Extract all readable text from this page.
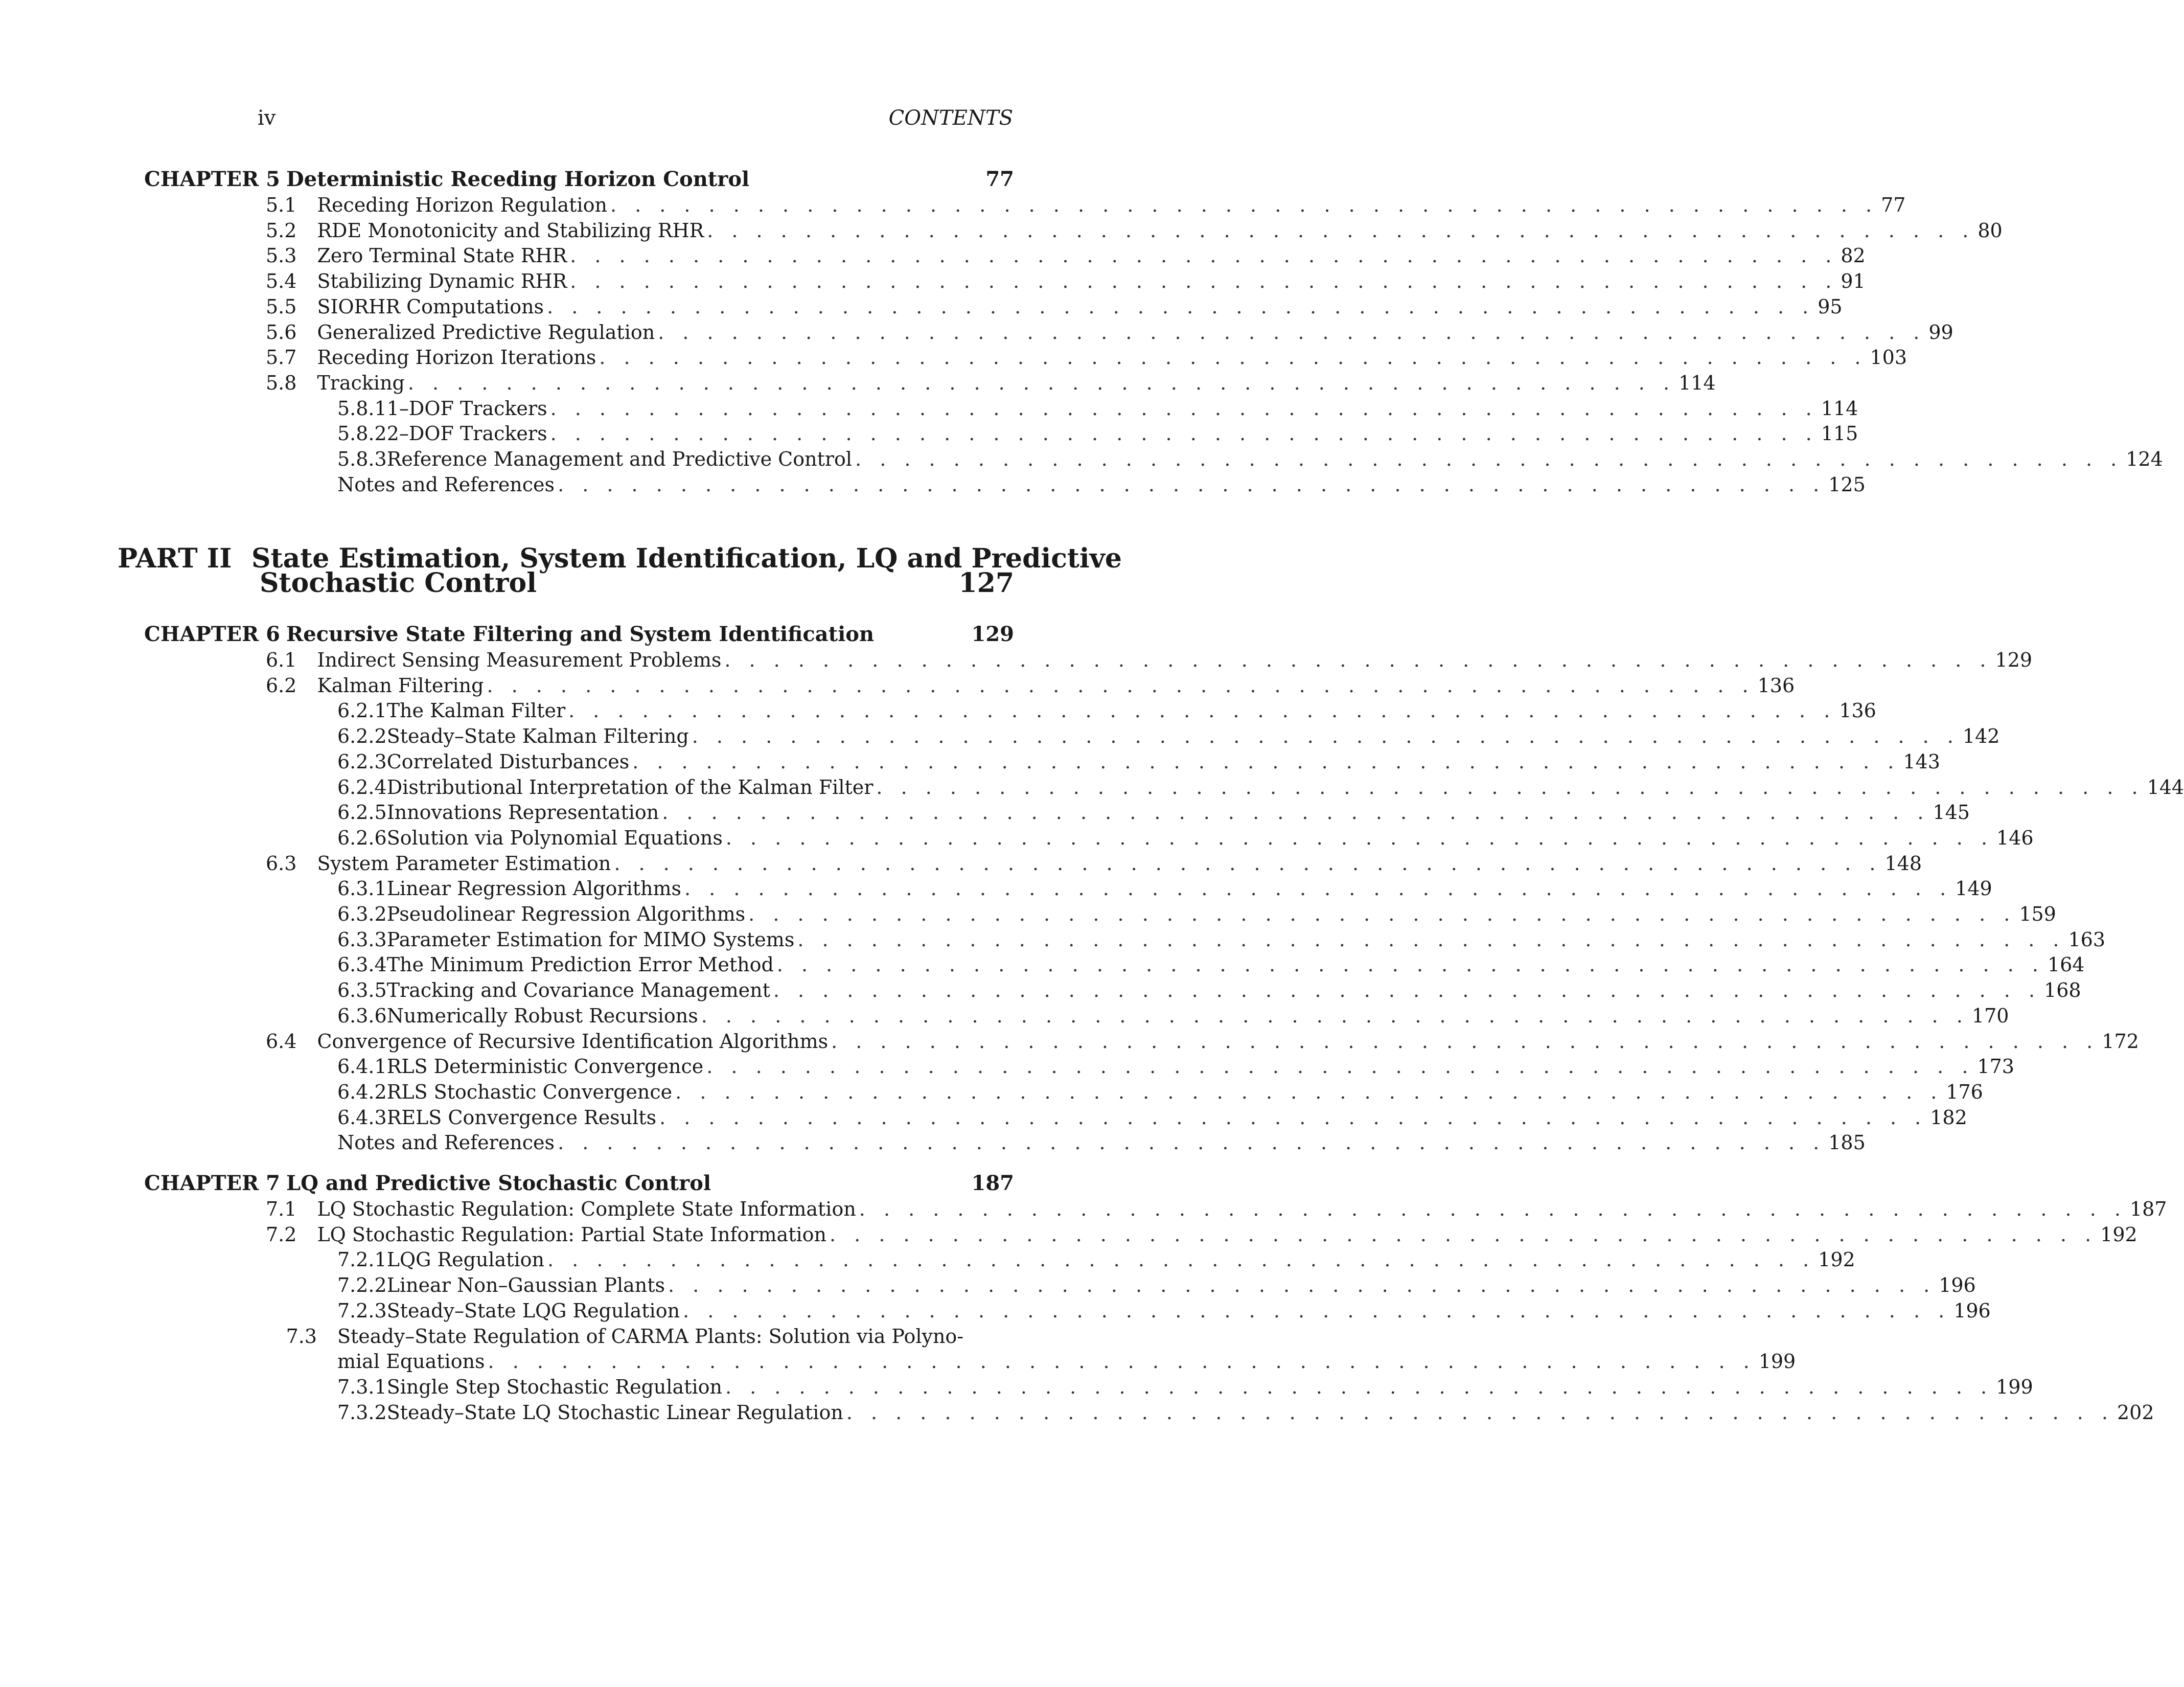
iv	CONTENTS
PART II State Estimation, System Identification, LQ and Predictive
Stochastic Control	127
CHAPTER 5 Deterministic Receding Horizon Control	77
5.1	Receding Horizon Regulation . . . . . . . . . . . . . . . . . . . . . . . . . . . . . . . . . . . . . . . . . . . . . . . . . . . . 77
5.2	RDE Monotonicity and Stabilizing RHR . . . . . . . . . . . . . . . . . . . . . . . . . . . . . . . . . . . . . . . . . . . . . . . . . . . . 80
5.3	Zero Terminal State RHR . . . . . . . . . . . . . . . . . . . . . . . . . . . . . . . . . . . . . . . . . . . . . . . . . . . . 82
5.4	Stabilizing Dynamic RHR . . . . . . . . . . . . . . . . . . . . . . . . . . . . . . . . . . . . . . . . . . . . . . . . . . . . 91
5.5	SIORHR Computations . . . . . . . . . . . . . . . . . . . . . . . . . . . . . . . . . . . . . . . . . . . . . . . . . . . . 95
5.6	Generalized Predictive Regulation . . . . . . . . . . . . . . . . . . . . . . . . . . . . . . . . . . . . . . . . . . . . . . . . . . . . 99
5.7	Receding Horizon Iterations . . . . . . . . . . . . . . . . . . . . . . . . . . . . . . . . . . . . . . . . . . . . . . . . . . . . 103
5.8	Tracking . . . . . . . . . . . . . . . . . . . . . . . . . . . . . . . . . . . . . . . . . . . . . . . . . . . . 114
5.8.1 1–DOF Trackers . . . . . . . . . . . . . . . . . . . . . . . . . . . . . . . . . . . . . . . . . . . . . . . . . . . . 114
5.8.2 2–DOF Trackers . . . . . . . . . . . . . . . . . . . . . . . . . . . . . . . . . . . . . . . . . . . . . . . . . . . . 115
5.8.3 Reference Management and Predictive Control . . . . . . . . . . . . . . . . . . . . . . . . . . . . . . . . . . . . . . . . . . . . . . . . . . . . 124
Notes and References . . . . . . . . . . . . . . . . . . . . . . . . . . . . . . . . . . . . . . . . . . . . . . . . . . . . 125
CHAPTER 6 Recursive State Filtering and System Identification	129
6.1	Indirect Sensing Measurement Problems . . . . . . . . . . . . . . . . . . . . . . . . . . . . . . . . . . . . . . . . . . . . . . . . . . . . 129
6.2	Kalman Filtering . . . . . . . . . . . . . . . . . . . . . . . . . . . . . . . . . . . . . . . . . . . . . . . . . . . . 136
6.2.1 The Kalman Filter . . . . . . . . . . . . . . . . . . . . . . . . . . . . . . . . . . . . . . . . . . . . . . . . . . . . 136
6.2.2 Steady–State Kalman Filtering . . . . . . . . . . . . . . . . . . . . . . . . . . . . . . . . . . . . . . . . . . . . . . . . . . . . 142
6.2.3 Correlated Disturbances . . . . . . . . . . . . . . . . . . . . . . . . . . . . . . . . . . . . . . . . . . . . . . . . . . . . 143
6.2.4 Distributional Interpretation of the Kalman Filter . . . . . . . . . . . . . . . . . . . . . . . . . . . . . . . . . . . . . . . . . . . . . . . . . . . . 144
6.2.5 Innovations Representation . . . . . . . . . . . . . . . . . . . . . . . . . . . . . . . . . . . . . . . . . . . . . . . . . . . . 145
6.2.6 Solution via Polynomial Equations . . . . . . . . . . . . . . . . . . . . . . . . . . . . . . . . . . . . . . . . . . . . . . . . . . . . 146
6.3	System Parameter Estimation . . . . . . . . . . . . . . . . . . . . . . . . . . . . . . . . . . . . . . . . . . . . . . . . . . . . 148
6.3.1 Linear Regression Algorithms . . . . . . . . . . . . . . . . . . . . . . . . . . . . . . . . . . . . . . . . . . . . . . . . . . . . 149
6.3.2 Pseudolinear Regression Algorithms . . . . . . . . . . . . . . . . . . . . . . . . . . . . . . . . . . . . . . . . . . . . . . . . . . . . 159
6.3.3 Parameter Estimation for MIMO Systems . . . . . . . . . . . . . . . . . . . . . . . . . . . . . . . . . . . . . . . . . . . . . . . . . . . . 163
6.3.4 The Minimum Prediction Error Method . . . . . . . . . . . . . . . . . . . . . . . . . . . . . . . . . . . . . . . . . . . . . . . . . . . . 164
6.3.5 Tracking and Covariance Management . . . . . . . . . . . . . . . . . . . . . . . . . . . . . . . . . . . . . . . . . . . . . . . . . . . . 168
6.3.6 Numerically Robust Recursions . . . . . . . . . . . . . . . . . . . . . . . . . . . . . . . . . . . . . . . . . . . . . . . . . . . . 170
6.4	Convergence of Recursive Identification Algorithms . . . . . . . . . . . . . . . . . . . . . . . . . . . . . . . . . . . . . . . . . . . . . . . . . . . . 172
6.4.1 RLS Deterministic Convergence . . . . . . . . . . . . . . . . . . . . . . . . . . . . . . . . . . . . . . . . . . . . . . . . . . . . 173
6.4.2 RLS Stochastic Convergence . . . . . . . . . . . . . . . . . . . . . . . . . . . . . . . . . . . . . . . . . . . . . . . . . . . . 176
6.4.3 RELS Convergence Results . . . . . . . . . . . . . . . . . . . . . . . . . . . . . . . . . . . . . . . . . . . . . . . . . . . . 182
Notes and References . . . . . . . . . . . . . . . . . . . . . . . . . . . . . . . . . . . . . . . . . . . . . . . . . . . . 185
CHAPTER 7 LQ and Predictive Stochastic Control	187
7.1	LQ Stochastic Regulation: Complete State Information . . . . . . . . . . . . . . . . . . . . . . . . . . . . . . . . . . . . . . . . . . . . . . . . . . . . 187
7.2	LQ Stochastic Regulation: Partial State Information . . . . . . . . . . . . . . . . . . . . . . . . . . . . . . . . . . . . . . . . . . . . . . . . . . . . 192
7.2.1 LQG Regulation . . . . . . . . . . . . . . . . . . . . . . . . . . . . . . . . . . . . . . . . . . . . . . . . . . . . 192
7.2.2 Linear Non–Gaussian Plants . . . . . . . . . . . . . . . . . . . . . . . . . . . . . . . . . . . . . . . . . . . . . . . . . . . . 196
7.2.3 Steady–State LQG Regulation . . . . . . . . . . . . . . . . . . . . . . . . . . . . . . . . . . . . . . . . . . . . . . . . . . . . 196
7.3	Steady–State Regulation of CARMA Plants: Solution via Polyno-
mial Equations . . . . . . . . . . . . . . . . . . . . . . . . . . . . . . . . . . . . . . . . . . . . . . . . . . . . 199
7.3.1 Single Step Stochastic Regulation . . . . . . . . . . . . . . . . . . . . . . . . . . . . . . . . . . . . . . . . . . . . . . . . . . . . 199
7.3.2 Steady–State LQ Stochastic Linear Regulation . . . . . . . . . . . . . . . . . . . . . . . . . . . . . . . . . . . . . . . . . . . . . . . . . . . . 202
